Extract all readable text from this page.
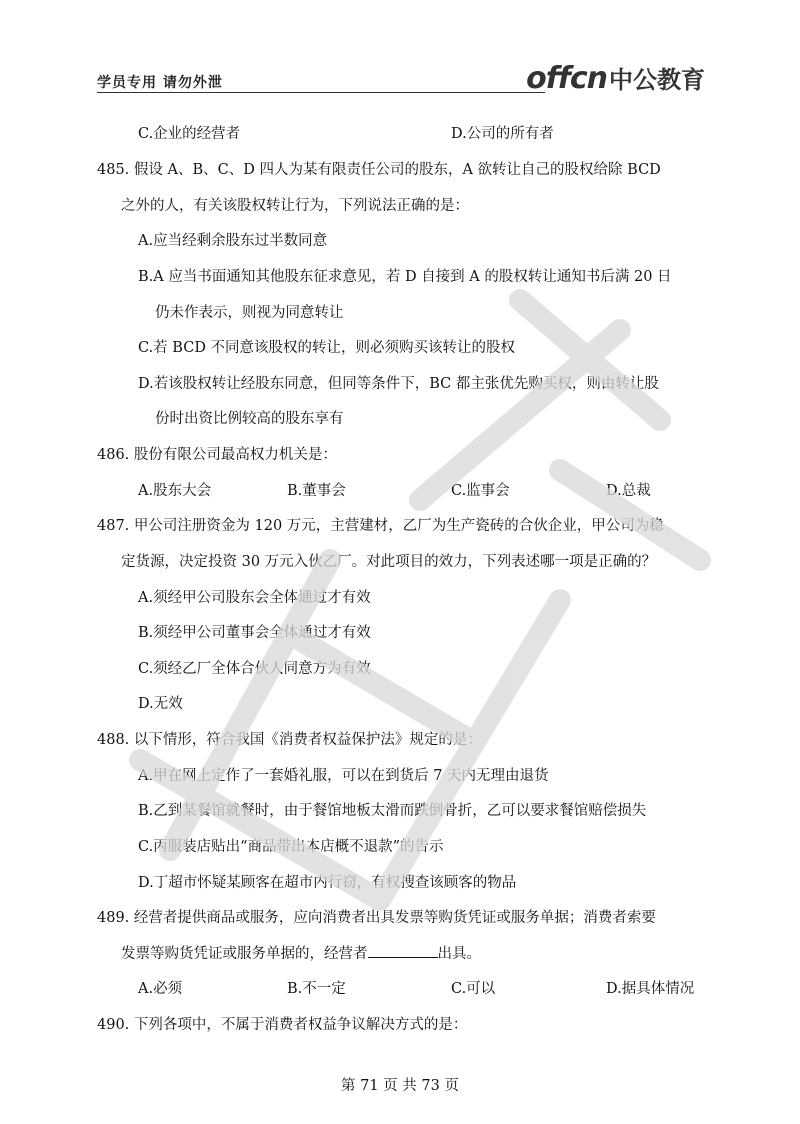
学员专用 请勿外泄	offcn中公教育
C.企业的经营者	D.公司的所有者
485. 假设 A、B、C、D 四人为某有限责任公司的股东，A 欲转让自己的股权给除 BCD
之外的人，有关该股权转让行为，下列说法正确的是：
A.应当经剩余股东过半数同意
B.A 应当书面通知其他股东征求意见，若 D 自接到 A 的股权转让通知书后满 20 日
仍未作表示，则视为同意转让
C.若 BCD 不同意该股权的转让，则必须购买该转让的股权
D.若该股权转让经股东同意，但同等条件下，BC 都主张优先购买权，则由转让股
份时出资比例较高的股东享有
486. 股份有限公司最高权力机关是：
A.股东大会	B.董事会	C.监事会	D.总裁
487. 甲公司注册资金为 120 万元，主营建材，乙厂为生产瓷砖的合伙企业，甲公司为稳
定货源，决定投资 30 万元入伙乙厂。对此项目的效力，下列表述哪一项是正确的？
A.须经甲公司股东会全体通过才有效
B.须经甲公司董事会全体通过才有效
C.须经乙厂全体合伙人同意方为有效
D.无效
488. 以下情形，符合我国《消费者权益保护法》规定的是：
A.甲在网上定作了一套婚礼服，可以在到货后 7 天内无理由退货
B.乙到某餐馆就餐时，由于餐馆地板太滑而跌倒骨折，乙可以要求餐馆赔偿损失
C.丙服装店贴出“商品带出本店概不退款”的告示
D.丁超市怀疑某顾客在超市内行窃，有权搜查该顾客的物品
489. 经营者提供商品或服务，应向消费者出具发票等购货凭证或服务单据；消费者索要
发票等购货凭证或服务单据的，经营者	出具。
A.必须	B.不一定	C.可以	D.据具体情况
490. 下列各项中，不属于消费者权益争议解决方式的是：
第 71 页 共 73 页
